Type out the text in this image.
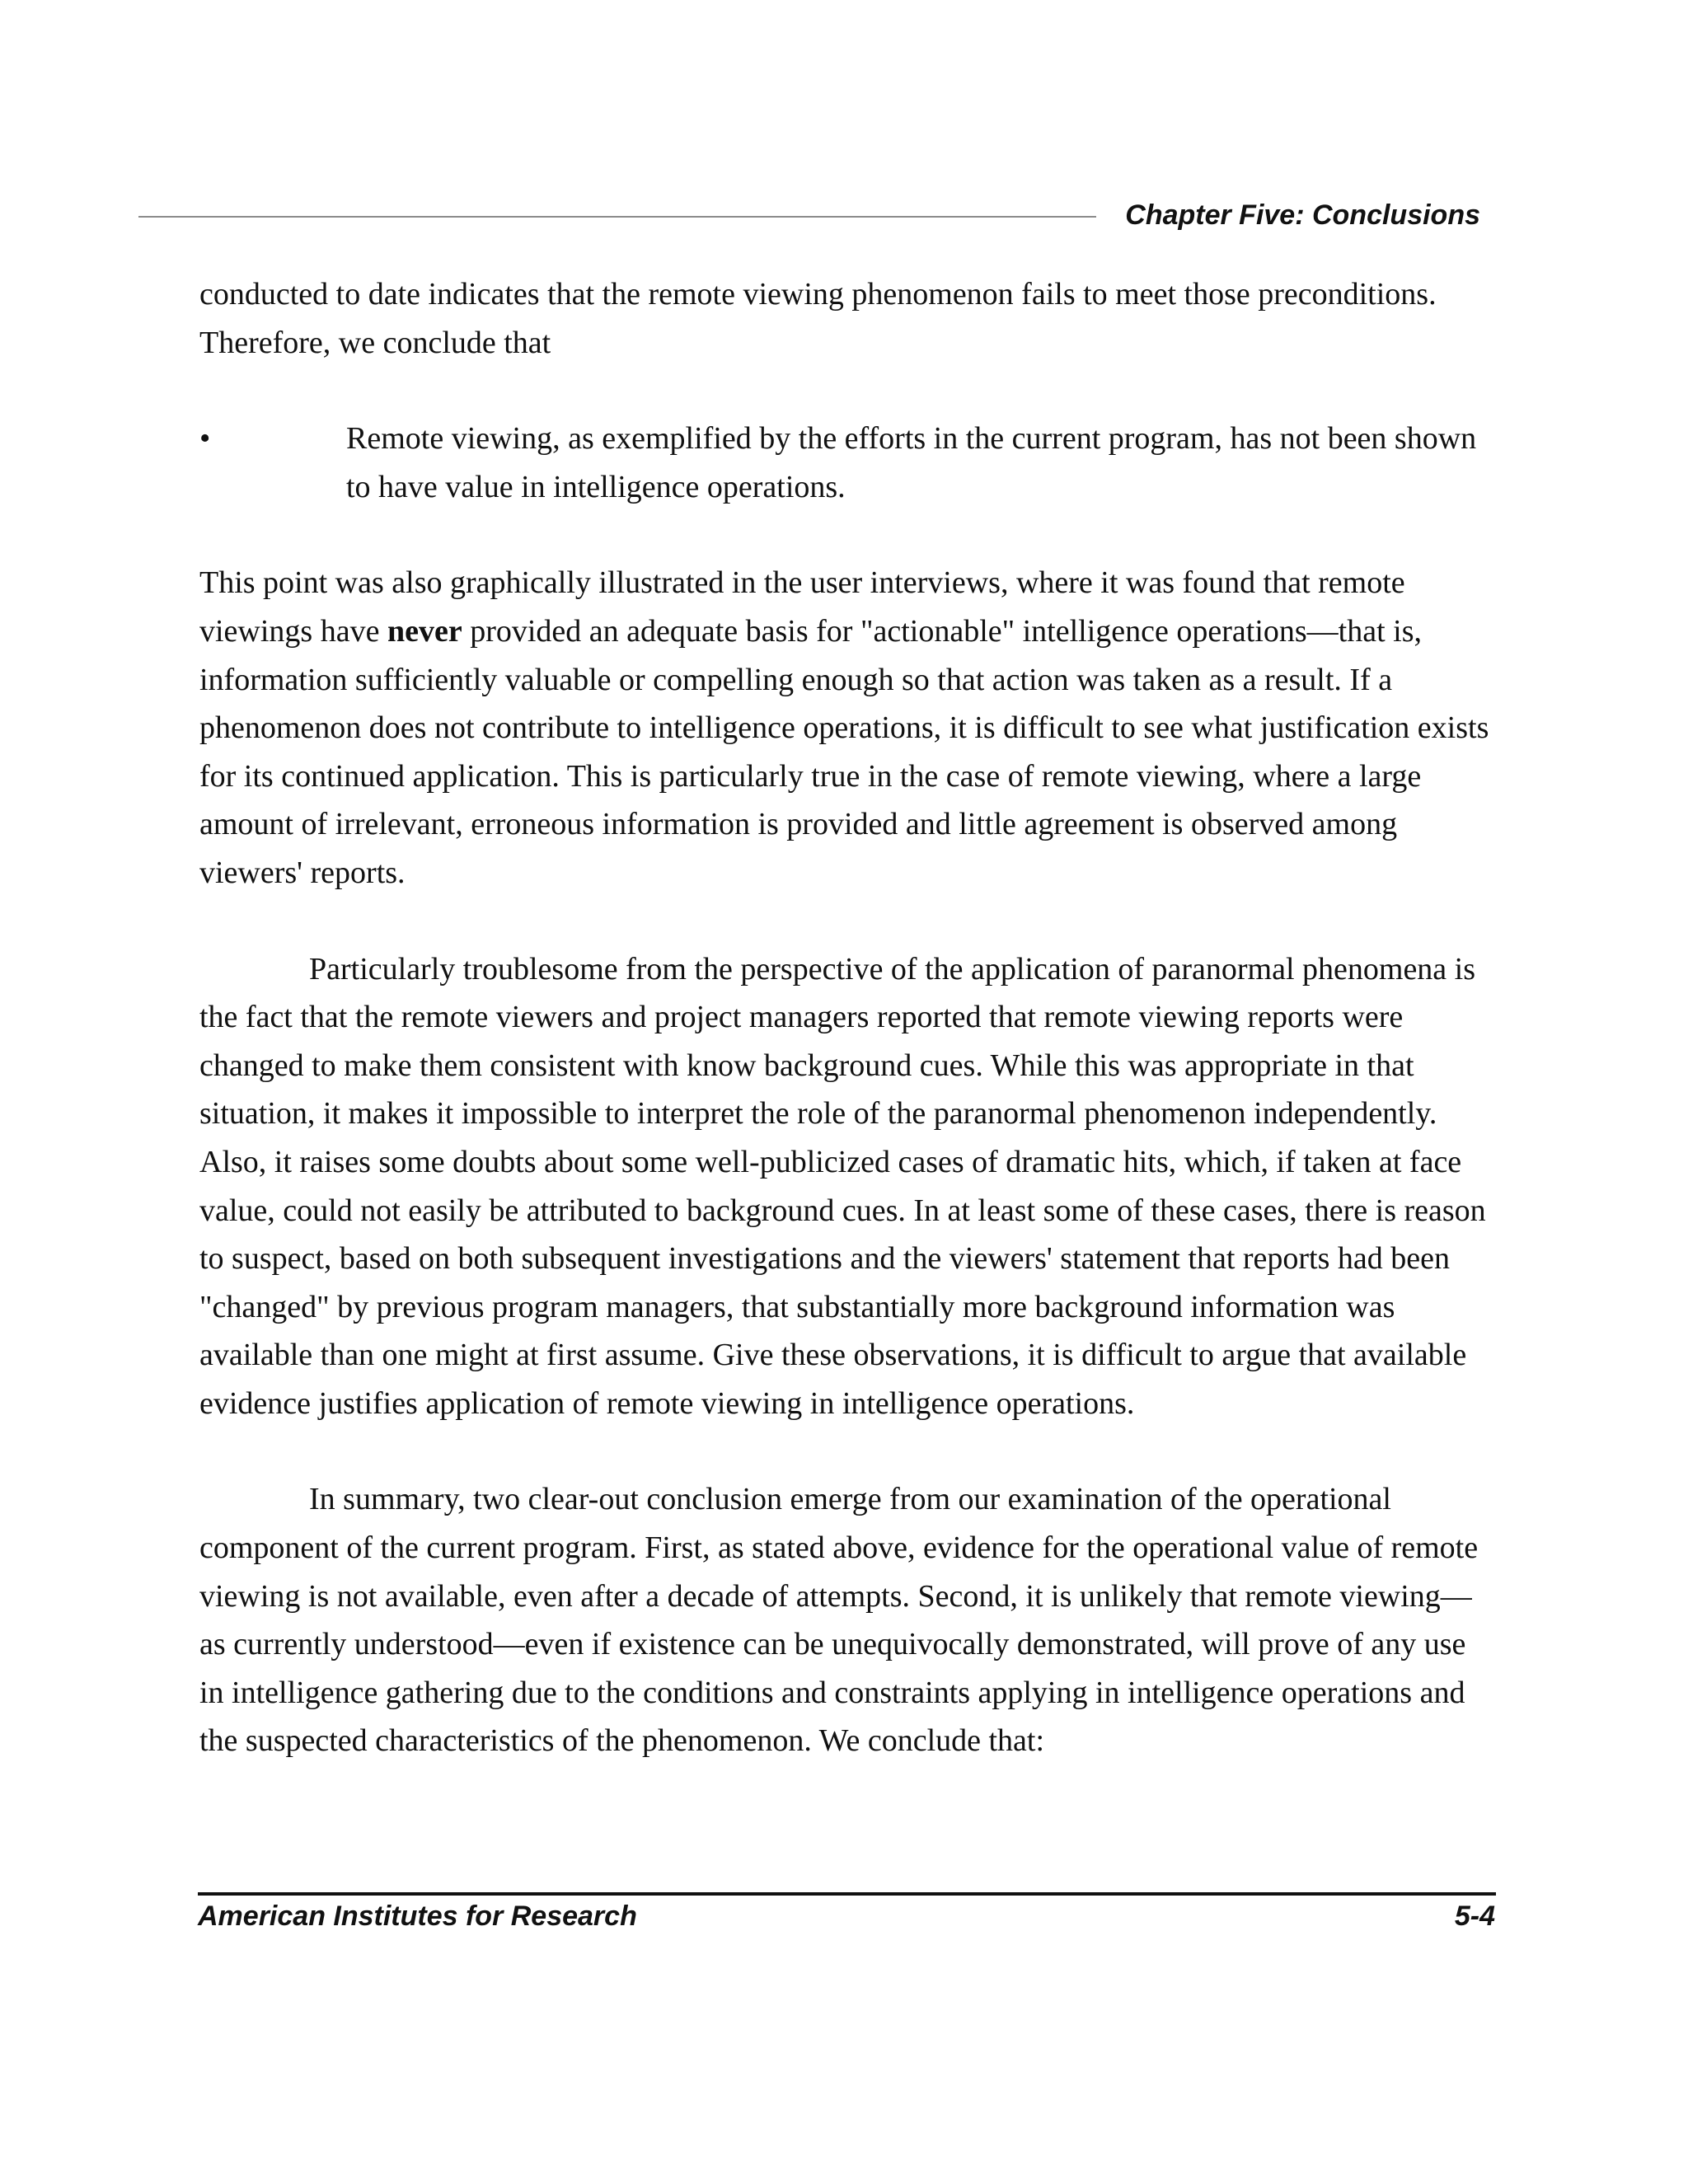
Chapter Five: Conclusions

conducted to date indicates that the remote viewing phenomenon fails to meet those preconditions. Therefore, we conclude that

•	Remote viewing, as exemplified by the efforts in the current program, has not been shown to have value in intelligence operations.

This point was also graphically illustrated in the user interviews, where it was found that remote viewings have never provided an adequate basis for "actionable" intelligence operations—that is, information sufficiently valuable or compelling enough so that action was taken as a result. If a phenomenon does not contribute to intelligence operations, it is difficult to see what justification exists for its continued application. This is particularly true in the case of remote viewing, where a large amount of irrelevant, erroneous information is provided and little agreement is observed among viewers' reports.

Particularly troublesome from the perspective of the application of paranormal phenomena is the fact that the remote viewers and project managers reported that remote viewing reports were changed to make them consistent with know background cues. While this was appropriate in that situation, it makes it impossible to interpret the role of the paranormal phenomenon independently. Also, it raises some doubts about some well-publicized cases of dramatic hits, which, if taken at face value, could not easily be attributed to background cues. In at least some of these cases, there is reason to suspect, based on both subsequent investigations and the viewers' statement that reports had been "changed" by previous program managers, that substantially more background information was available than one might at first assume. Give these observations, it is difficult to argue that available evidence justifies application of remote viewing in intelligence operations.

In summary, two clear-out conclusion emerge from our examination of the operational component of the current program. First, as stated above, evidence for the operational value of remote viewing is not available, even after a decade of attempts. Second, it is unlikely that remote viewing—as currently understood—even if existence can be unequivocally demonstrated, will prove of any use in intelligence gathering due to the conditions and constraints applying in intelligence operations and the suspected characteristics of the phenomenon. We conclude that:

American Institutes for Research	5-4
